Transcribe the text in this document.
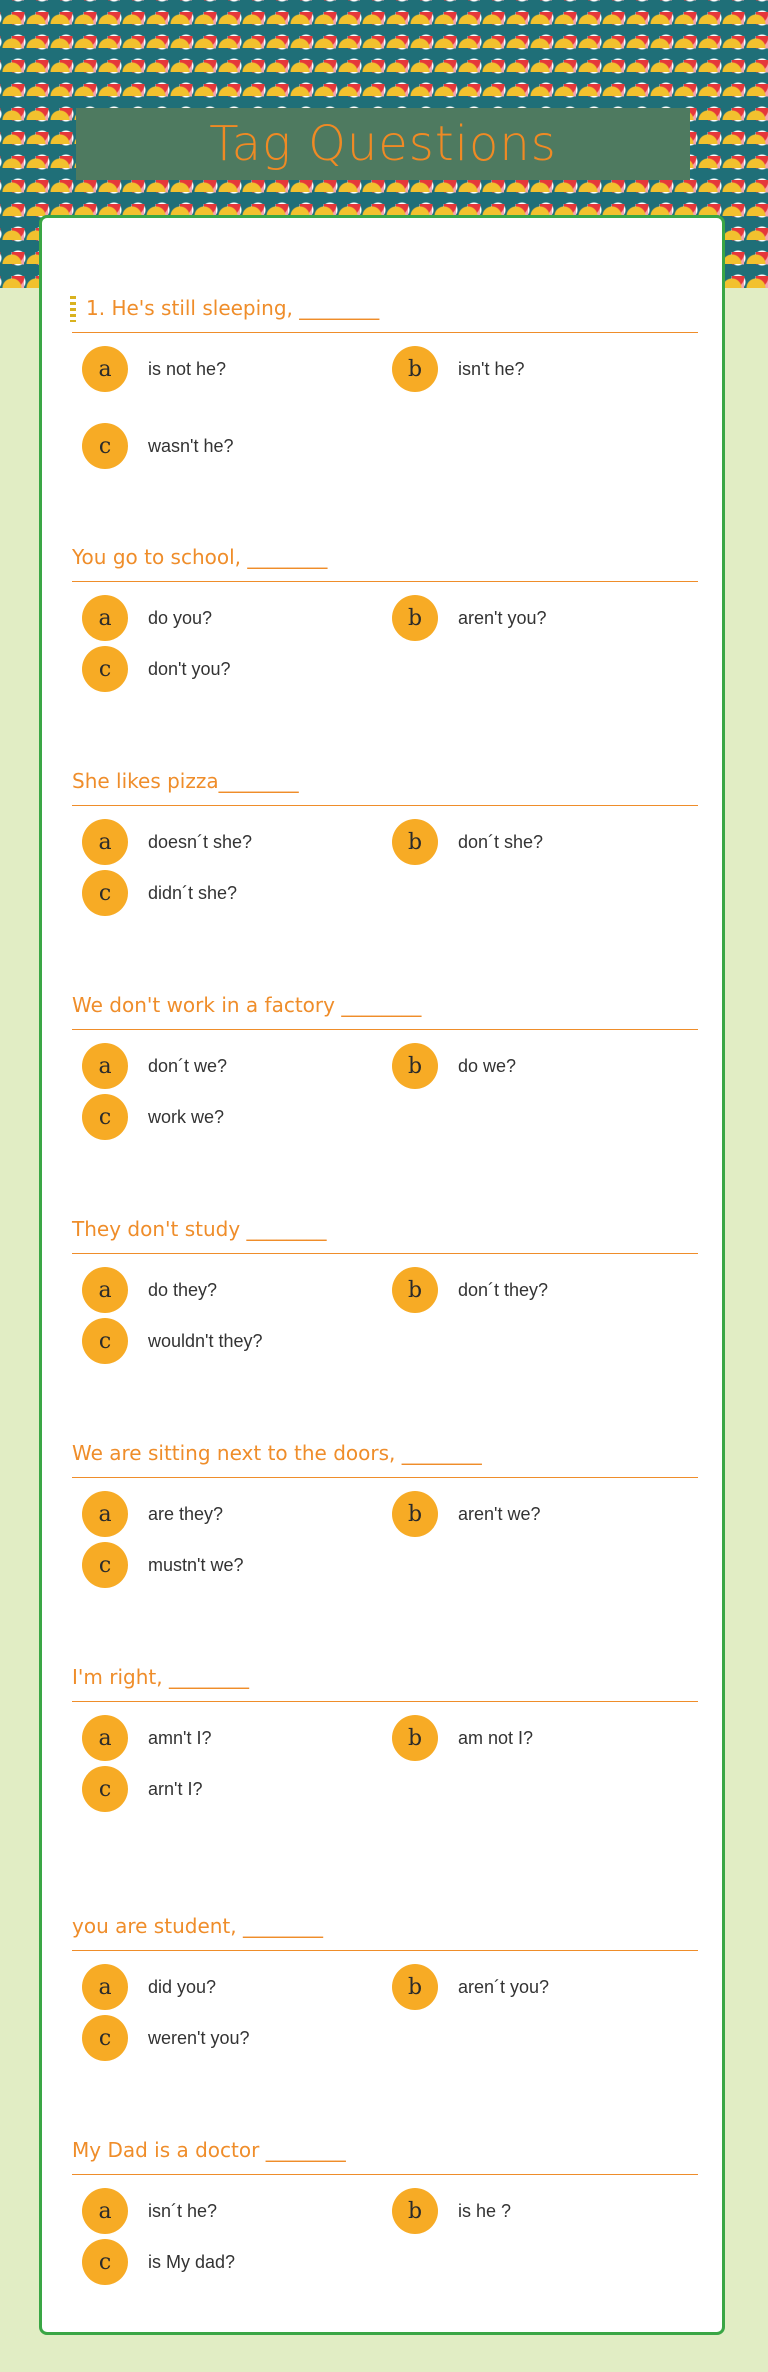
Tag Questions
1. He's still sleeping, ________
a	is not he?	b	isn't he?
c	wasn't he?
You go to school, ________
a	do you?	b	aren't you?
c	don't you?
She likes pizza________
a	doesn´t she?	b	don´t she?
c	didn´t she?
We don't work in a factory ________
a	don´t we?	b	do we?
c	work we?
They don't study ________
a	do they?	b	don´t they?
c	wouldn't they?
We are sitting next to the doors, ________
a	are they?	b	aren't we?
c	mustn't we?
I'm right, ________
a	amn't I?	b	am not I?
c	arn't I?
you are student, ________
a	did you?	b	aren´t you?
c	weren't you?
My Dad is a doctor ________
a	isn´t he?	b	is he ?
c	is My dad?
